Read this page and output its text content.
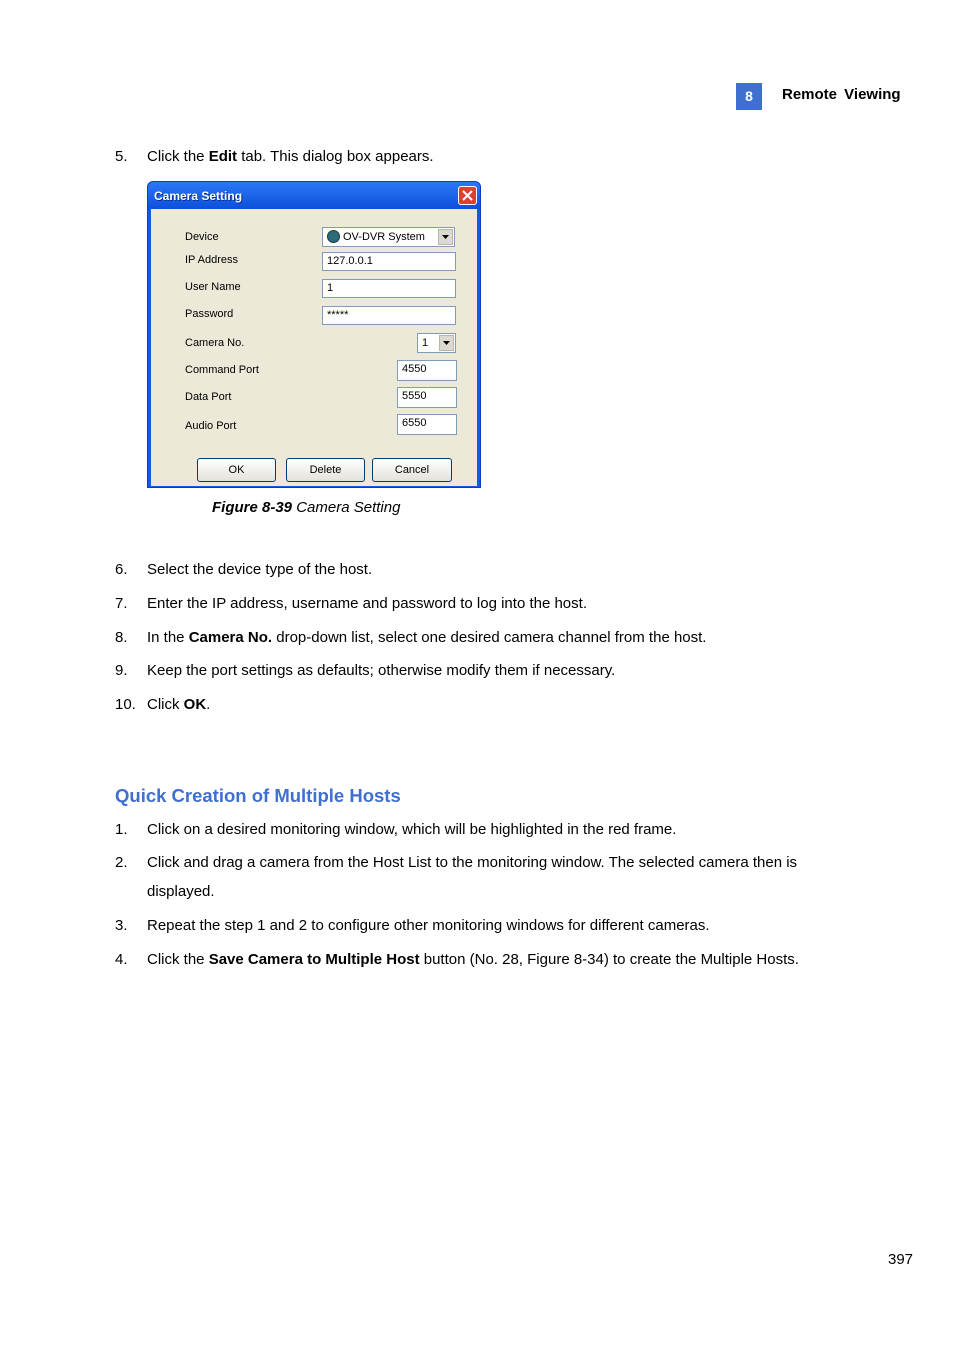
8	Remote Viewing
5. Click the Edit tab. This dialog box appears.
Camera Setting
Device	OV-DVR System
IP Address	127.0.0.1
User Name	1
Password	*****
Camera No.	1
Command Port	4550
Data Port	5550
Audio Port	6550
OK	Delete	Cancel
Figure 8-39 Camera Setting
6. Select the device type of the host.
7. Enter the IP address, username and password to log into the host.
8. In the Camera No. drop-down list, select one desired camera channel from the host.
9. Keep the port settings as defaults; otherwise modify them if necessary.
10. Click OK.
Quick Creation of Multiple Hosts
1. Click on a desired monitoring window, which will be highlighted in the red frame.
2. Click and drag a camera from the Host List to the monitoring window. The selected camera then is
displayed.
3. Repeat the step 1 and 2 to configure other monitoring windows for different cameras.
4. Click the Save Camera to Multiple Host button (No. 28, Figure 8-34) to create the Multiple Hosts.
397
